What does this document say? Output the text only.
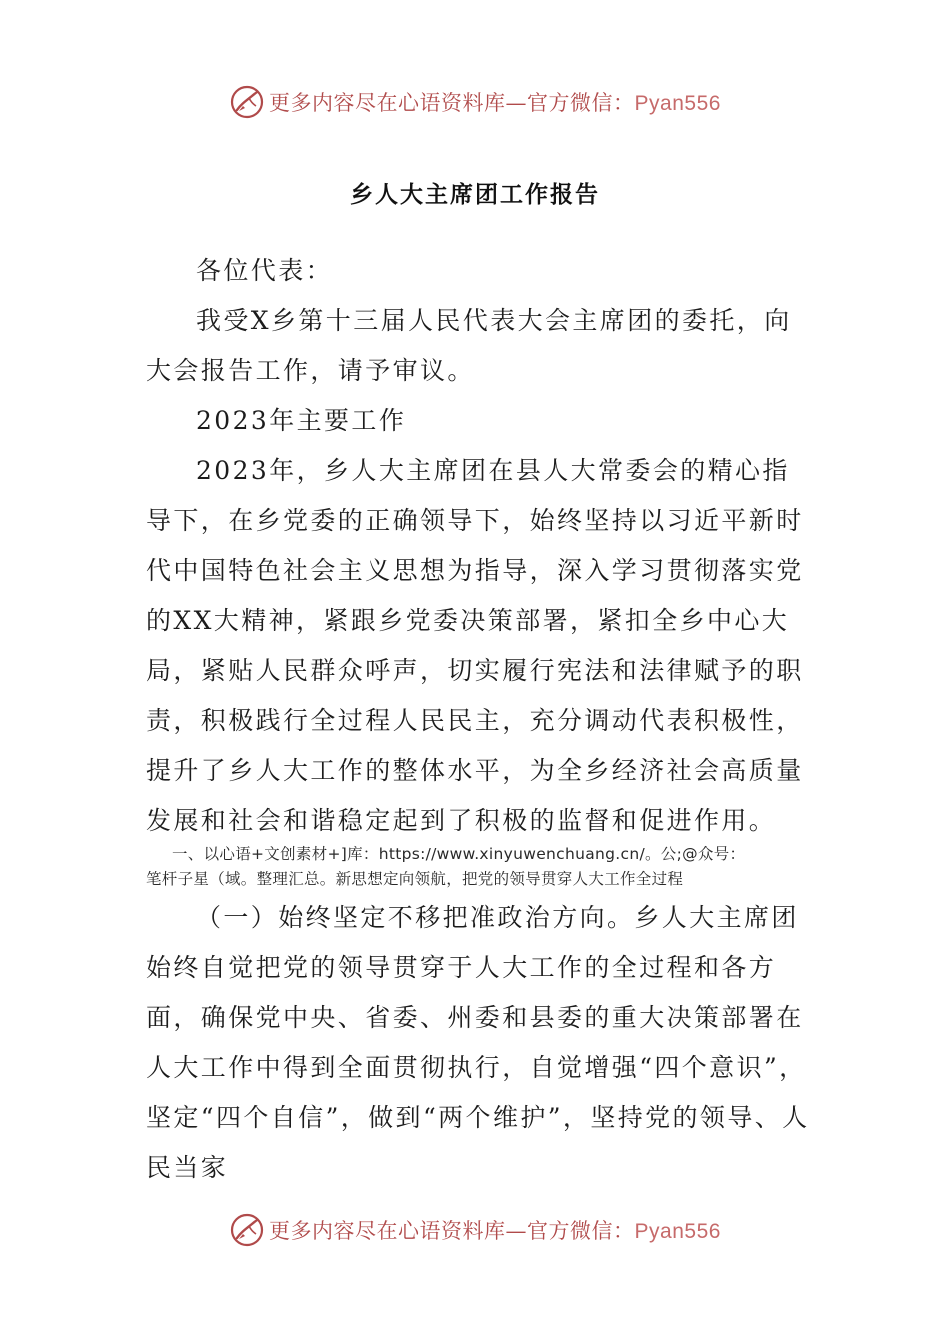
更多内容尽在心语资料库—官方微信：Pyan556
乡人大主席团工作报告

各位代表：

我受X乡第十三届人民代表大会主席团的委托，向大会报告工作，请予审议。

2023年主要工作

2023年，乡人大主席团在县人大常委会的精心指导下，在乡党委的正确领导下，始终坚持以习近平新时代中国特色社会主义思想为指导，深入学习贯彻落实党的XX大精神，紧跟乡党委决策部署，紧扣全乡中心大局，紧贴人民群众呼声，切实履行宪法和法律赋予的职责，积极践行全过程人民民主，充分调动代表积极性，提升了乡人大工作的整体水平，为全乡经济社会高质量发展和社会和谐稳定起到了积极的监督和促进作用。

一、以心语+文创素材+]库：https://www.xinyuwenchuang.cn/。公;@众号：

笔杆子星（域。整理汇总。新思想定向领航，把党的领导贯穿人大工作全过程

（一）始终坚定不移把准政治方向。乡人大主席团始终自觉把党的领导贯穿于人大工作的全过程和各方面，确保党中央、省委、州委和县委的重大决策部署在人大工作中得到全面贯彻执行，自觉增强“四个意识”，坚定“四个自信”，做到“两个维护”，坚持党的领导、人民当家

更多内容尽在心语资料库—官方微信：Pyan556
